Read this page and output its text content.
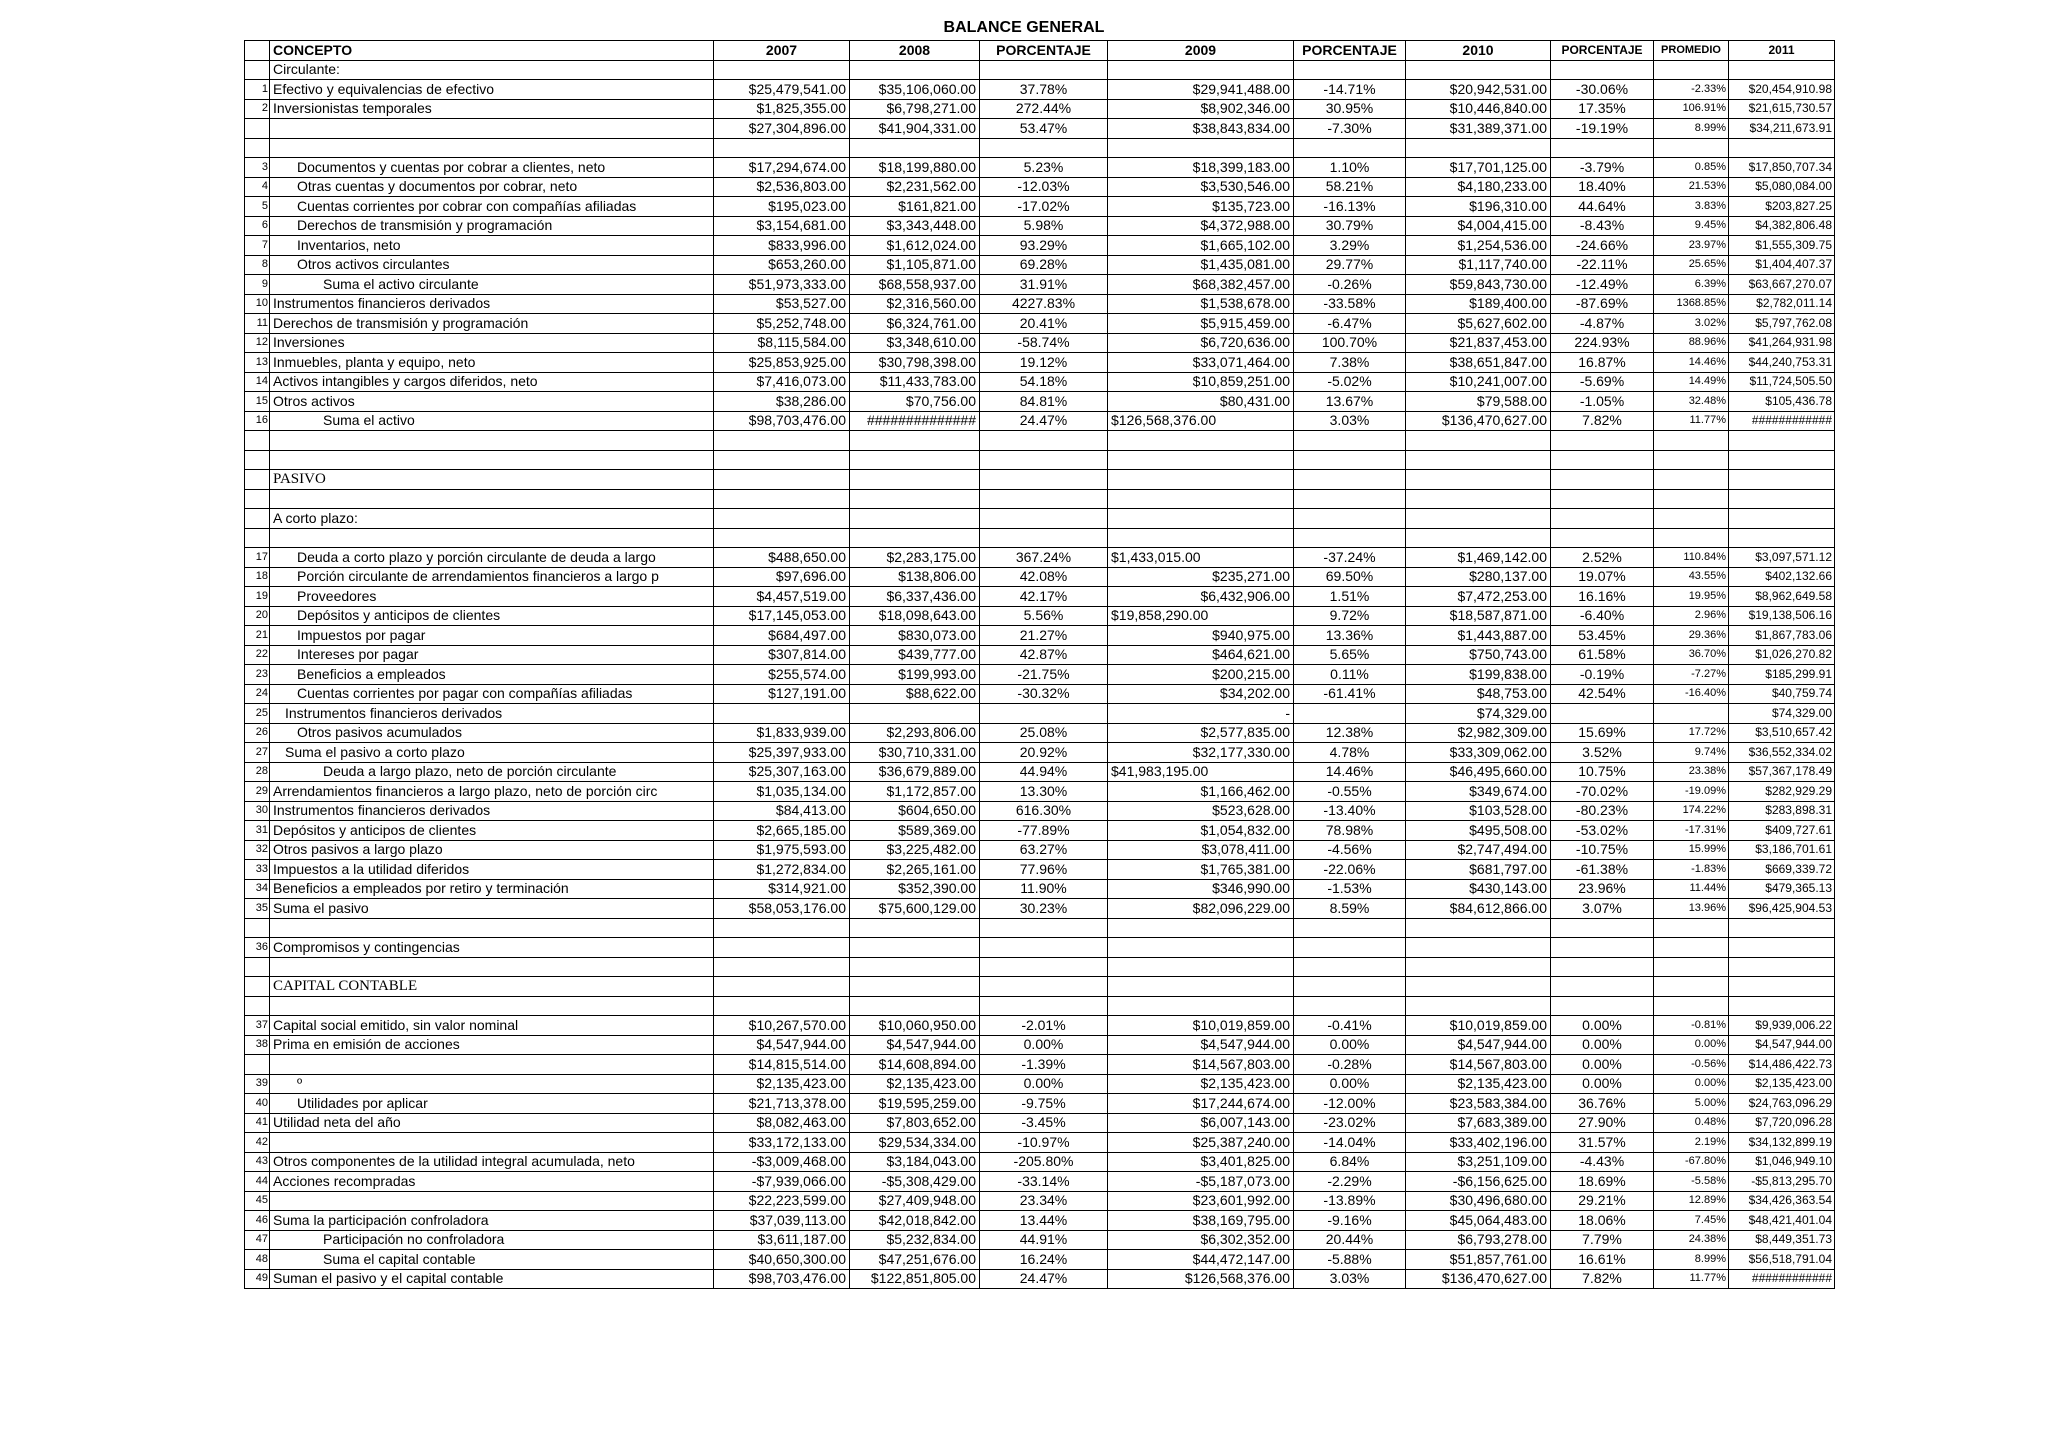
BALANCE GENERAL
	CONCEPTO	2007	2008	PORCENTAJE	2009	PORCENTAJE	2010	PORCENTAJE	PROMEDIO	2011
	Circulante:									
1	Efectivo y equivalencias de efectivo	$25,479,541.00	$35,106,060.00	37.78%	$29,941,488.00	-14.71%	$20,942,531.00	-30.06%	-2.33%	$20,454,910.98
2	Inversionistas temporales	$1,825,355.00	$6,798,271.00	272.44%	$8,902,346.00	30.95%	$10,446,840.00	17.35%	106.91%	$21,615,730.57
		$27,304,896.00	$41,904,331.00	53.47%	$38,843,834.00	-7.30%	$31,389,371.00	-19.19%	8.99%	$34,211,673.91

3	Documentos y cuentas por cobrar a clientes, neto	$17,294,674.00	$18,199,880.00	5.23%	$18,399,183.00	1.10%	$17,701,125.00	-3.79%	0.85%	$17,850,707.34
4	Otras cuentas y documentos por cobrar, neto	$2,536,803.00	$2,231,562.00	-12.03%	$3,530,546.00	58.21%	$4,180,233.00	18.40%	21.53%	$5,080,084.00
5	Cuentas corrientes por cobrar con compañías afiliadas	$195,023.00	$161,821.00	-17.02%	$135,723.00	-16.13%	$196,310.00	44.64%	3.83%	$203,827.25
6	Derechos de transmisión y programación	$3,154,681.00	$3,343,448.00	5.98%	$4,372,988.00	30.79%	$4,004,415.00	-8.43%	9.45%	$4,382,806.48
7	Inventarios, neto	$833,996.00	$1,612,024.00	93.29%	$1,665,102.00	3.29%	$1,254,536.00	-24.66%	23.97%	$1,555,309.75
8	Otros activos circulantes	$653,260.00	$1,105,871.00	69.28%	$1,435,081.00	29.77%	$1,117,740.00	-22.11%	25.65%	$1,404,407.37
9	Suma el activo circulante	$51,973,333.00	$68,558,937.00	31.91%	$68,382,457.00	-0.26%	$59,843,730.00	-12.49%	6.39%	$63,667,270.07
10	Instrumentos financieros derivados	$53,527.00	$2,316,560.00	4227.83%	$1,538,678.00	-33.58%	$189,400.00	-87.69%	1368.85%	$2,782,011.14
11	Derechos de transmisión y programación	$5,252,748.00	$6,324,761.00	20.41%	$5,915,459.00	-6.47%	$5,627,602.00	-4.87%	3.02%	$5,797,762.08
12	Inversiones	$8,115,584.00	$3,348,610.00	-58.74%	$6,720,636.00	100.70%	$21,837,453.00	224.93%	88.96%	$41,264,931.98
13	Inmuebles, planta y equipo, neto	$25,853,925.00	$30,798,398.00	19.12%	$33,071,464.00	7.38%	$38,651,847.00	16.87%	14.46%	$44,240,753.31
14	Activos intangibles y cargos diferidos, neto	$7,416,073.00	$11,433,783.00	54.18%	$10,859,251.00	-5.02%	$10,241,007.00	-5.69%	14.49%	$11,724,505.50
15	Otros activos	$38,286.00	$70,756.00	84.81%	$80,431.00	13.67%	$79,588.00	-1.05%	32.48%	$105,436.78
16	Suma el activo	$98,703,476.00	##############	24.47%	$126,568,376.00	3.03%	$136,470,627.00	7.82%	11.77%	############

	PASIVO									

	A corto plazo:									

17	Deuda a corto plazo y porción circulante de deuda a largo	$488,650.00	$2,283,175.00	367.24%	$1,433,015.00	-37.24%	$1,469,142.00	2.52%	110.84%	$3,097,571.12
18	Porción circulante de arrendamientos financieros a largo p	$97,696.00	$138,806.00	42.08%	$235,271.00	69.50%	$280,137.00	19.07%	43.55%	$402,132.66
19	Proveedores	$4,457,519.00	$6,337,436.00	42.17%	$6,432,906.00	1.51%	$7,472,253.00	16.16%	19.95%	$8,962,649.58
20	Depósitos y anticipos de clientes	$17,145,053.00	$18,098,643.00	5.56%	$19,858,290.00	9.72%	$18,587,871.00	-6.40%	2.96%	$19,138,506.16
21	Impuestos por pagar	$684,497.00	$830,073.00	21.27%	$940,975.00	13.36%	$1,443,887.00	53.45%	29.36%	$1,867,783.06
22	Intereses por pagar	$307,814.00	$439,777.00	42.87%	$464,621.00	5.65%	$750,743.00	61.58%	36.70%	$1,026,270.82
23	Beneficios a empleados	$255,574.00	$199,993.00	-21.75%	$200,215.00	0.11%	$199,838.00	-0.19%	-7.27%	$185,299.91
24	Cuentas corrientes por pagar con compañías afiliadas	$127,191.00	$88,622.00	-30.32%	$34,202.00	-61.41%	$48,753.00	42.54%	-16.40%	$40,759.74
25	Instrumentos financieros derivados				-		$74,329.00			$74,329.00
26	Otros pasivos acumulados	$1,833,939.00	$2,293,806.00	25.08%	$2,577,835.00	12.38%	$2,982,309.00	15.69%	17.72%	$3,510,657.42
27	Suma el pasivo a corto plazo	$25,397,933.00	$30,710,331.00	20.92%	$32,177,330.00	4.78%	$33,309,062.00	3.52%	9.74%	$36,552,334.02
28	Deuda a largo plazo, neto de porción circulante	$25,307,163.00	$36,679,889.00	44.94%	$41,983,195.00	14.46%	$46,495,660.00	10.75%	23.38%	$57,367,178.49
29	Arrendamientos financieros a largo plazo, neto de porción circ	$1,035,134.00	$1,172,857.00	13.30%	$1,166,462.00	-0.55%	$349,674.00	-70.02%	-19.09%	$282,929.29
30	Instrumentos financieros derivados	$84,413.00	$604,650.00	616.30%	$523,628.00	-13.40%	$103,528.00	-80.23%	174.22%	$283,898.31
31	Depósitos y anticipos de clientes	$2,665,185.00	$589,369.00	-77.89%	$1,054,832.00	78.98%	$495,508.00	-53.02%	-17.31%	$409,727.61
32	Otros pasivos a largo plazo	$1,975,593.00	$3,225,482.00	63.27%	$3,078,411.00	-4.56%	$2,747,494.00	-10.75%	15.99%	$3,186,701.61
33	Impuestos a la utilidad diferidos	$1,272,834.00	$2,265,161.00	77.96%	$1,765,381.00	-22.06%	$681,797.00	-61.38%	-1.83%	$669,339.72
34	Beneficios a empleados por retiro y terminación	$314,921.00	$352,390.00	11.90%	$346,990.00	-1.53%	$430,143.00	23.96%	11.44%	$479,365.13
35	Suma el pasivo	$58,053,176.00	$75,600,129.00	30.23%	$82,096,229.00	8.59%	$84,612,866.00	3.07%	13.96%	$96,425,904.53

36	Compromisos y contingencias									

	CAPITAL CONTABLE									

37	Capital social emitido, sin valor nominal	$10,267,570.00	$10,060,950.00	-2.01%	$10,019,859.00	-0.41%	$10,019,859.00	0.00%	-0.81%	$9,939,006.22
38	Prima en emisión de acciones	$4,547,944.00	$4,547,944.00	0.00%	$4,547,944.00	0.00%	$4,547,944.00	0.00%	0.00%	$4,547,944.00
		$14,815,514.00	$14,608,894.00	-1.39%	$14,567,803.00	-0.28%	$14,567,803.00	0.00%	-0.56%	$14,486,422.73
39	º	$2,135,423.00	$2,135,423.00	0.00%	$2,135,423.00	0.00%	$2,135,423.00	0.00%	0.00%	$2,135,423.00
40	Utilidades por aplicar	$21,713,378.00	$19,595,259.00	-9.75%	$17,244,674.00	-12.00%	$23,583,384.00	36.76%	5.00%	$24,763,096.29
41	Utilidad neta del año	$8,082,463.00	$7,803,652.00	-3.45%	$6,007,143.00	-23.02%	$7,683,389.00	27.90%	0.48%	$7,720,096.28
42		$33,172,133.00	$29,534,334.00	-10.97%	$25,387,240.00	-14.04%	$33,402,196.00	31.57%	2.19%	$34,132,899.19
43	Otros componentes de la utilidad integral acumulada, neto	-$3,009,468.00	$3,184,043.00	-205.80%	$3,401,825.00	6.84%	$3,251,109.00	-4.43%	-67.80%	$1,046,949.10
44	Acciones recompradas	-$7,939,066.00	-$5,308,429.00	-33.14%	-$5,187,073.00	-2.29%	-$6,156,625.00	18.69%	-5.58%	-$5,813,295.70
45		$22,223,599.00	$27,409,948.00	23.34%	$23,601,992.00	-13.89%	$30,496,680.00	29.21%	12.89%	$34,426,363.54
46	Suma la participación confroladora	$37,039,113.00	$42,018,842.00	13.44%	$38,169,795.00	-9.16%	$45,064,483.00	18.06%	7.45%	$48,421,401.04
47	Participación no confroladora	$3,611,187.00	$5,232,834.00	44.91%	$6,302,352.00	20.44%	$6,793,278.00	7.79%	24.38%	$8,449,351.73
48	Suma el capital contable	$40,650,300.00	$47,251,676.00	16.24%	$44,472,147.00	-5.88%	$51,857,761.00	16.61%	8.99%	$56,518,791.04
49	Suman el pasivo y el capital contable	$98,703,476.00	$122,851,805.00	24.47%	$126,568,376.00	3.03%	$136,470,627.00	7.82%	11.77%	############
